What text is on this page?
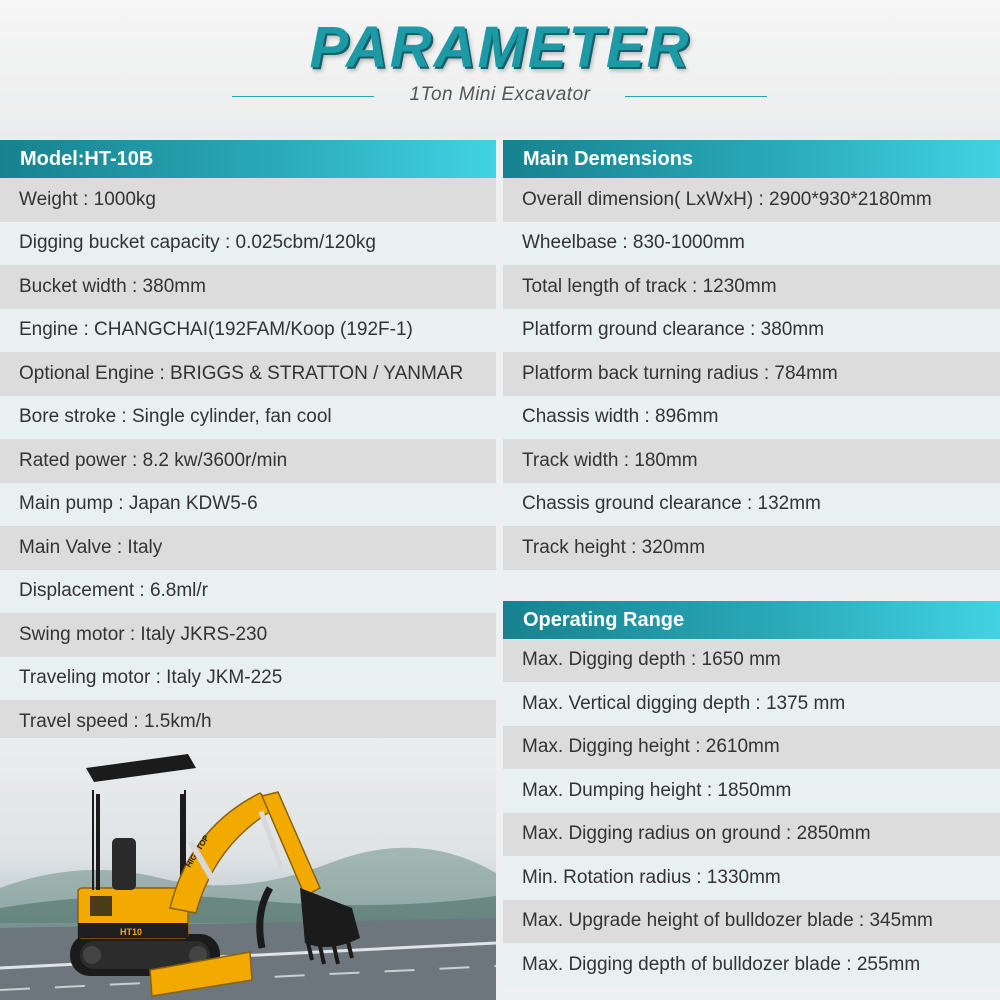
PARAMETER
1Ton Mini Excavator
Model:HT-10B
Weight : 1000kg
Digging bucket capacity : 0.025cbm/120kg
Bucket width : 380mm
Engine : CHANGCHAI(192FAM/Koop (192F-1)
Optional Engine : BRIGGS & STRATTON / YANMAR
Bore stroke : Single cylinder, fan cool
Rated power : 8.2 kw/3600r/min
Main pump : Japan KDW5-6
Main Valve : Italy
Displacement : 6.8ml/r
Swing motor : Italy JKRS-230
Traveling motor : Italy JKM-225
Travel speed : 1.5km/h
Main Demensions
Overall dimension( LxWxH) : 2900*930*2180mm
Wheelbase : 830-1000mm
Total length of track : 1230mm
Platform ground clearance : 380mm
Platform back turning radius : 784mm
Chassis width : 896mm
Track width : 180mm
Chassis ground clearance : 132mm
Track height : 320mm
Operating Range
Max. Digging depth : 1650 mm
Max. Vertical digging depth : 1375 mm
Max. Digging height : 2610mm
Max. Dumping height : 1850mm
Max. Digging radius on ground : 2850mm
Min. Rotation radius : 1330mm
Max. Upgrade height of bulldozer blade : 345mm
Max. Digging depth of bulldozer blade : 255mm
HT10
